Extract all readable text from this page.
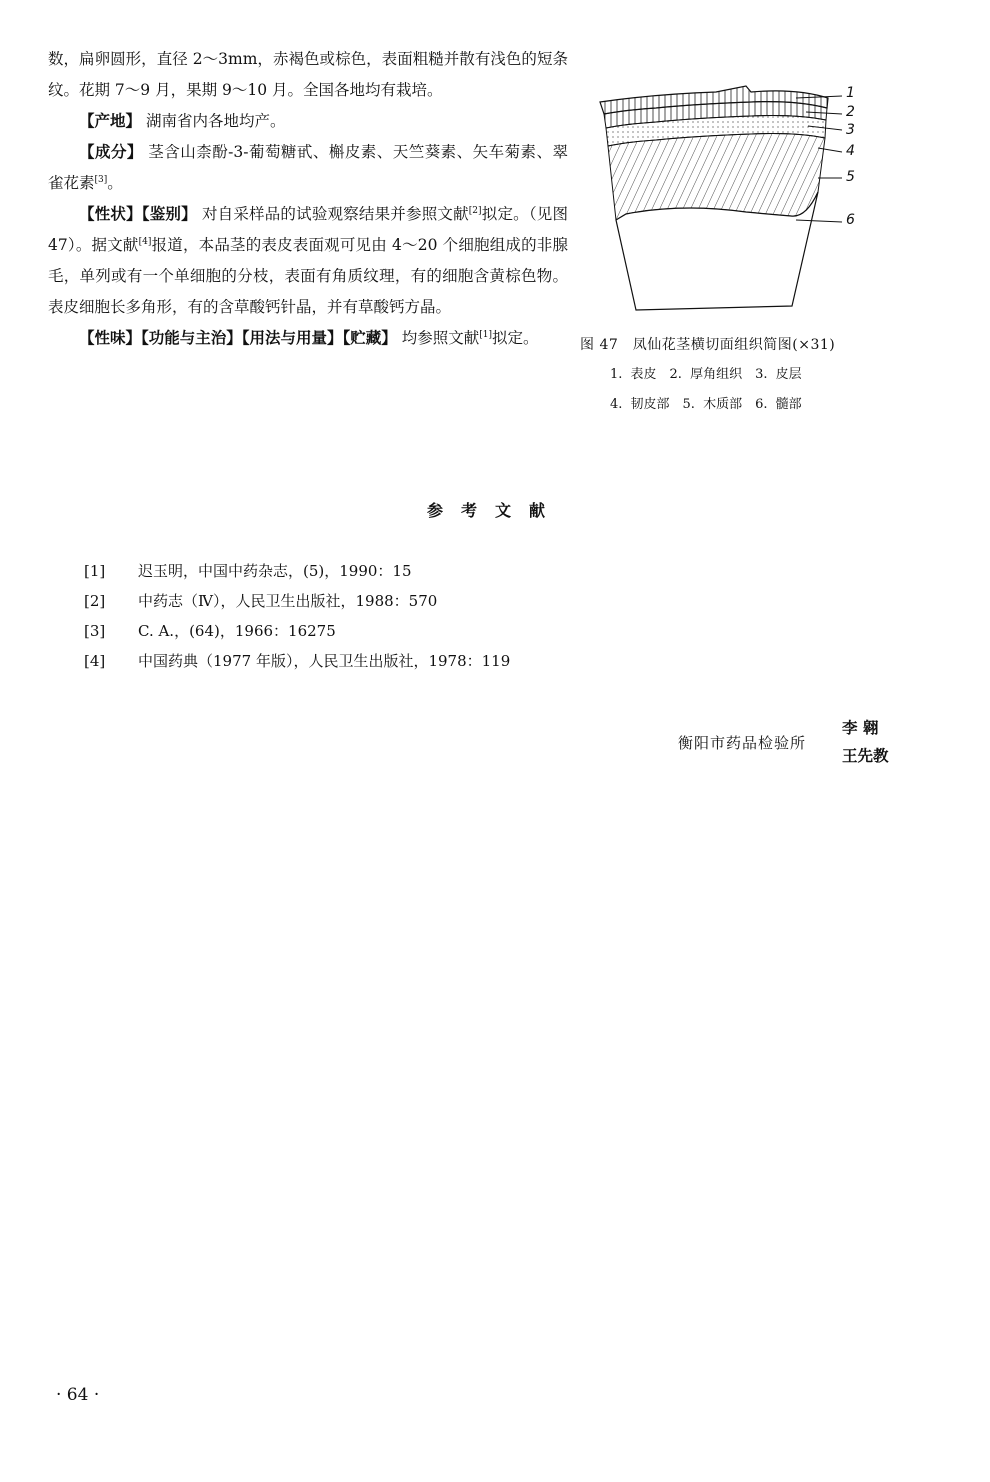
数，扁卵圆形，直径 2～3mm，赤褐色或棕色，表面粗糙并散有浅色的短条纹。花期 7～9 月，果期 9～10 月。全国各地均有栽培。

【产地】 湖南省内各地均产。

【成分】 茎含山柰酚-3-葡萄糖甙、槲皮素、天竺葵素、矢车菊素、翠雀花素[3]。

【性状】【鉴别】 对自采样品的试验观察结果并参照文献[2]拟定。（见图 47）。据文献[4]报道，本品茎的表皮表面观可见由 4～20 个细胞组成的非腺毛，单列或有一个单细胞的分枝，表面有角质纹理，有的细胞含黄棕色物。表皮细胞长多角形，有的含草酸钙针晶，并有草酸钙方晶。

【性味】【功能与主治】【用法与用量】【贮藏】 均参照文献[1]拟定。

1
2
3
4
5
6
图 47　凤仙花茎横切面组织简图(×31)
1. 表皮　2. 厚角组织　3. 皮层
4. 韧皮部　5. 木质部　6. 髓部
参考文献
[1] 迟玉明，中国中药杂志，(5)，1990：15
[2] 中药志（Ⅳ），人民卫生出版社，1988：570
[3] C. A.，(64)，1966：16275
[4] 中国药典（1977 年版），人民卫生出版社，1978：119
衡阳市药品检验所
李 翱
王先教
· 64 ·
